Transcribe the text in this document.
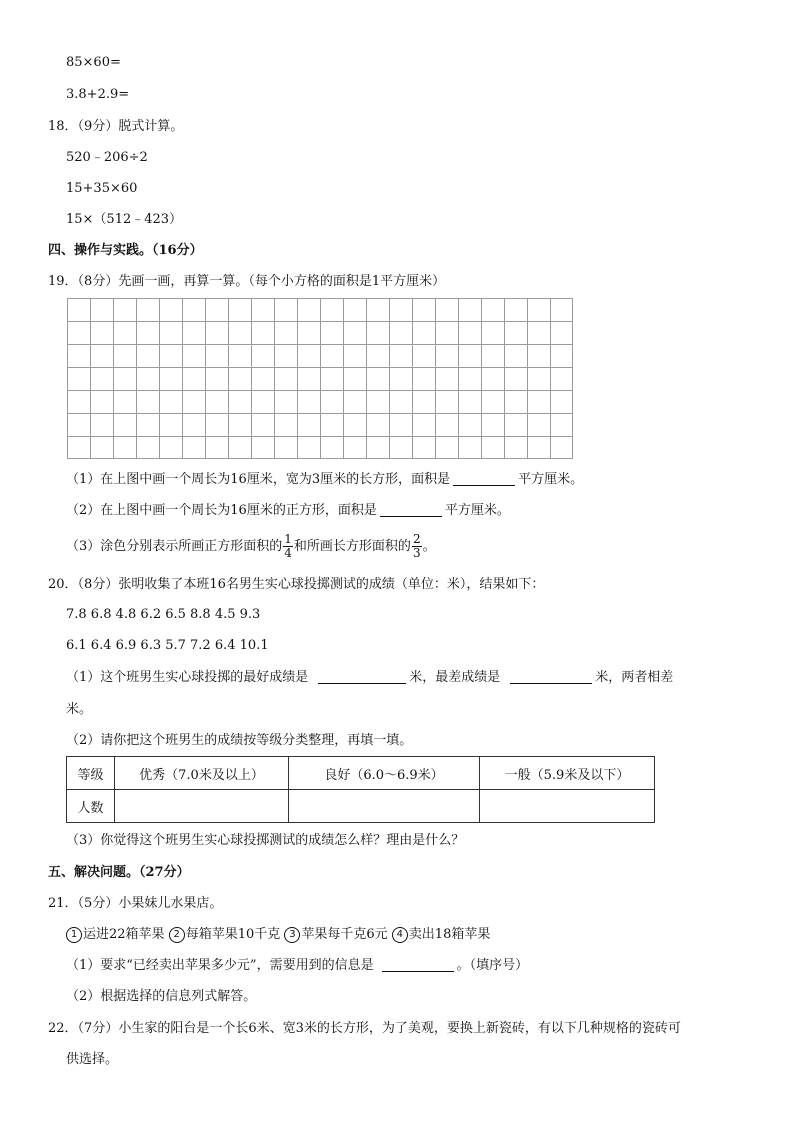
85×60=
3.8+2.9=
18．（9分）脱式计算。
520﹣206÷2
15+35×60
15×（512﹣423）
四、操作与实践。（16分）
19．（8分）先画一画，再算一算。（每个小方格的面积是1平方厘米）
（1）在上图中画一个周长为16厘米，宽为3厘米的长方形，面积是	平方厘米。
（2）在上图中画一个周长为16厘米的正方形，面积是	平方厘米。
（3）涂色分别表示所画正方形面积的 $\frac{1}{4}$ 和所画长方形面积的 $\frac{2}{3}$ 。
20．（8分）张明收集了本班16名男生实心球投掷测试的成绩（单位：米），结果如下：
7.8 6.8 4.8 6.2 6.5 8.8 4.5 9.3
6.1 6.4 6.9 6.3 5.7 7.2 6.4 10.1
（1）这个班男生实心球投掷的最好成绩是	米，最差成绩是	米，两者相差
米。
（2）请你把这个班男生的成绩按等级分类整理，再填一填。
等级	优秀（7.0米及以上）	良好（6.0～6.9米）	一般（5.9米及以下）
人数			
（3）你觉得这个班男生实心球投掷测试的成绩怎么样？理由是什么？
五、解决问题。（27分）
21．（5分）小果妹儿水果店。
1 运进22箱苹果 2 每箱苹果10千克 3 苹果每千克6元 4 卖出18箱苹果
（1）要求“已经卖出苹果多少元”，需要用到的信息是	。（填序号）
（2）根据选择的信息列式解答。
22．（7分）小生家的阳台是一个长6米、宽3米的长方形，为了美观，要换上新瓷砖，有以下几种规格的瓷砖可
供选择。
